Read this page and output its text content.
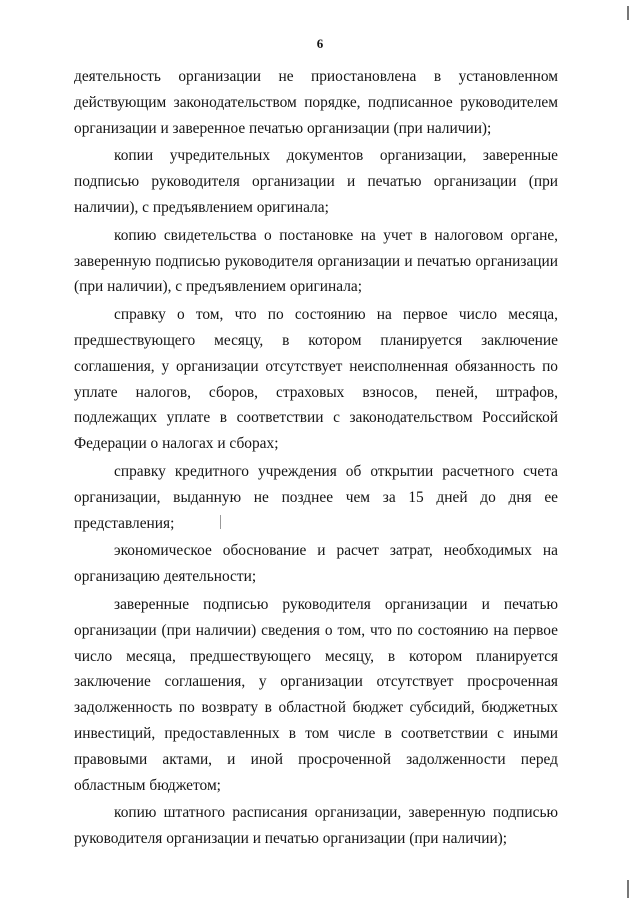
6

деятельность организации не приостановлена в установленном действующим законодательством порядке, подписанное руководителем организации и заверенное печатью организации (при наличии);

копии учредительных документов организации, заверенные подписью руководителя организации и печатью организации (при наличии), с предъявлением оригинала;

копию свидетельства о постановке на учет в налоговом органе, заверенную подписью руководителя организации и печатью организации (при наличии), с предъявлением оригинала;

справку о том, что по состоянию на первое число месяца, предшествующего месяцу, в котором планируется заключение соглашения, у организации отсутствует неисполненная обязанность по уплате налогов, сборов, страховых взносов, пеней, штрафов, подлежащих уплате в соответствии с законодательством Российской Федерации о налогах и сборах;

справку кредитного учреждения об открытии расчетного счета организации, выданную не позднее чем за 15 дней до дня ее представления;

экономическое обоснование и расчет затрат, необходимых на организацию деятельности;

заверенные подписью руководителя организации и печатью организации (при наличии) сведения о том, что по состоянию на первое число месяца, предшествующего месяцу, в котором планируется заключение соглашения, у организации отсутствует просроченная задолженность по возврату в областной бюджет субсидий, бюджетных инвестиций, предоставленных в том числе в соответствии с иными правовыми актами, и иной просроченной задолженности перед областным бюджетом;

копию штатного расписания организации, заверенную подписью руководителя организации и печатью организации (при наличии);
